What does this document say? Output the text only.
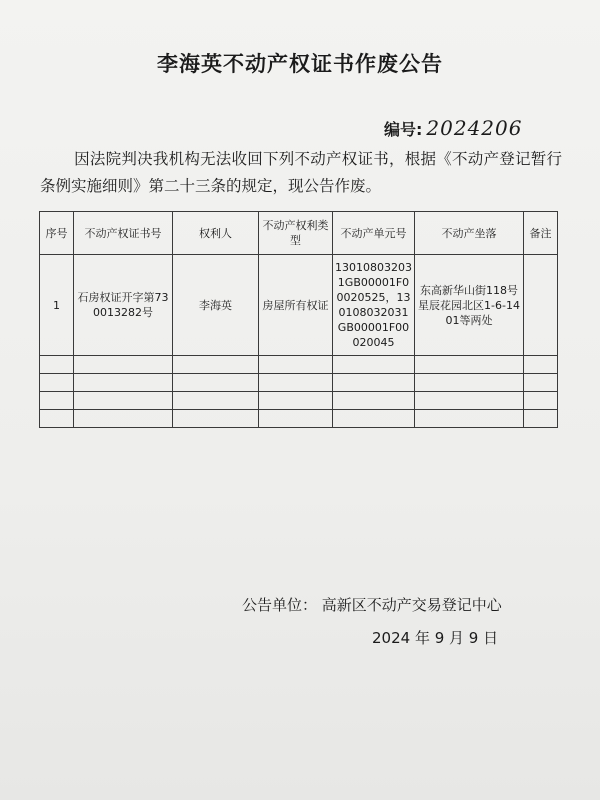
李海英不动产权证书作废公告
编号: 2024206
因法院判决我机构无法收回下列不动产权证书，根据《不动产登记暂行条例实施细则》第二十三条的规定，现公告作废。
序号	不动产权证书号	权利人	不动产权利类型	不动产单元号	不动产坐落	备注
1	石房权证开字第730013282号	李海英	房屋所有权证	130108032031GB00001F00020525，130108032031GB00001F00020045	东高新华山街118号星辰花园北区1-6-1401等两处	

公告单位： 高新区不动产交易登记中心
2024 年 9 月 9 日
